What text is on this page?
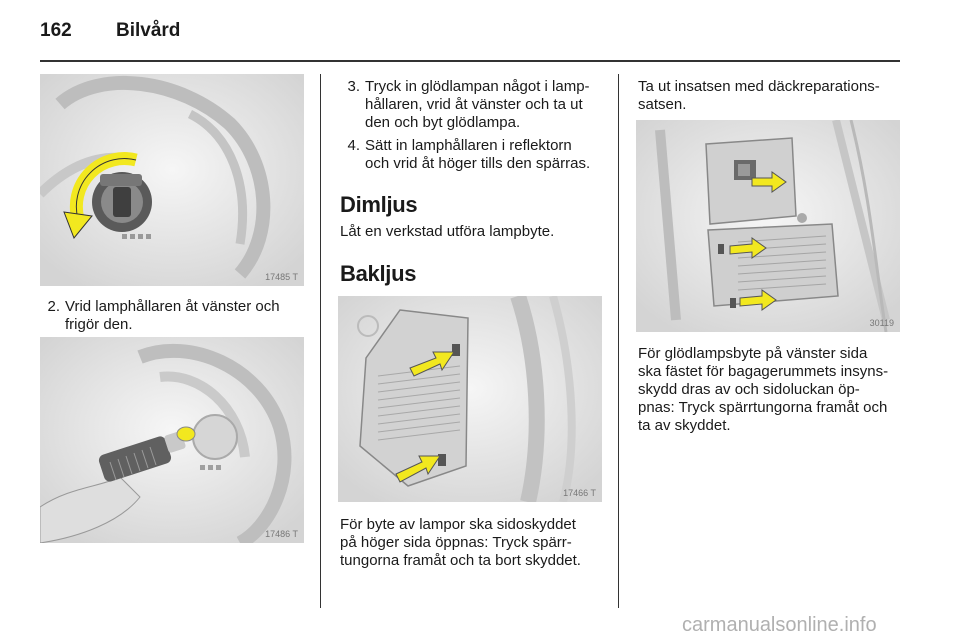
162 Bilvård
17485 T
2. Vrid lamphållaren åt vänster och
frigör den.
17486 T
3. Tryck in glödlampan något i lamp-
hållaren, vrid åt vänster och ta ut
den och byt glödlampa.
4. Sätt in lamphållaren i reflektorn
och vrid åt höger tills den spärras.
Dimljus
Låt en verkstad utföra lampbyte.
Bakljus
17466 T
För byte av lampor ska sidoskyddet
på höger sida öppnas: Tryck spärr-
tungorna framåt och ta bort skyddet.
Ta ut insatsen med däckreparations-
satsen.
30119
För glödlampsbyte på vänster sida
ska fästet för bagagerummets insyns-
skydd dras av och sidoluckan öp-
pnas: Tryck spärrtungorna framåt och
ta av skyddet.
carmanualsonline.info
